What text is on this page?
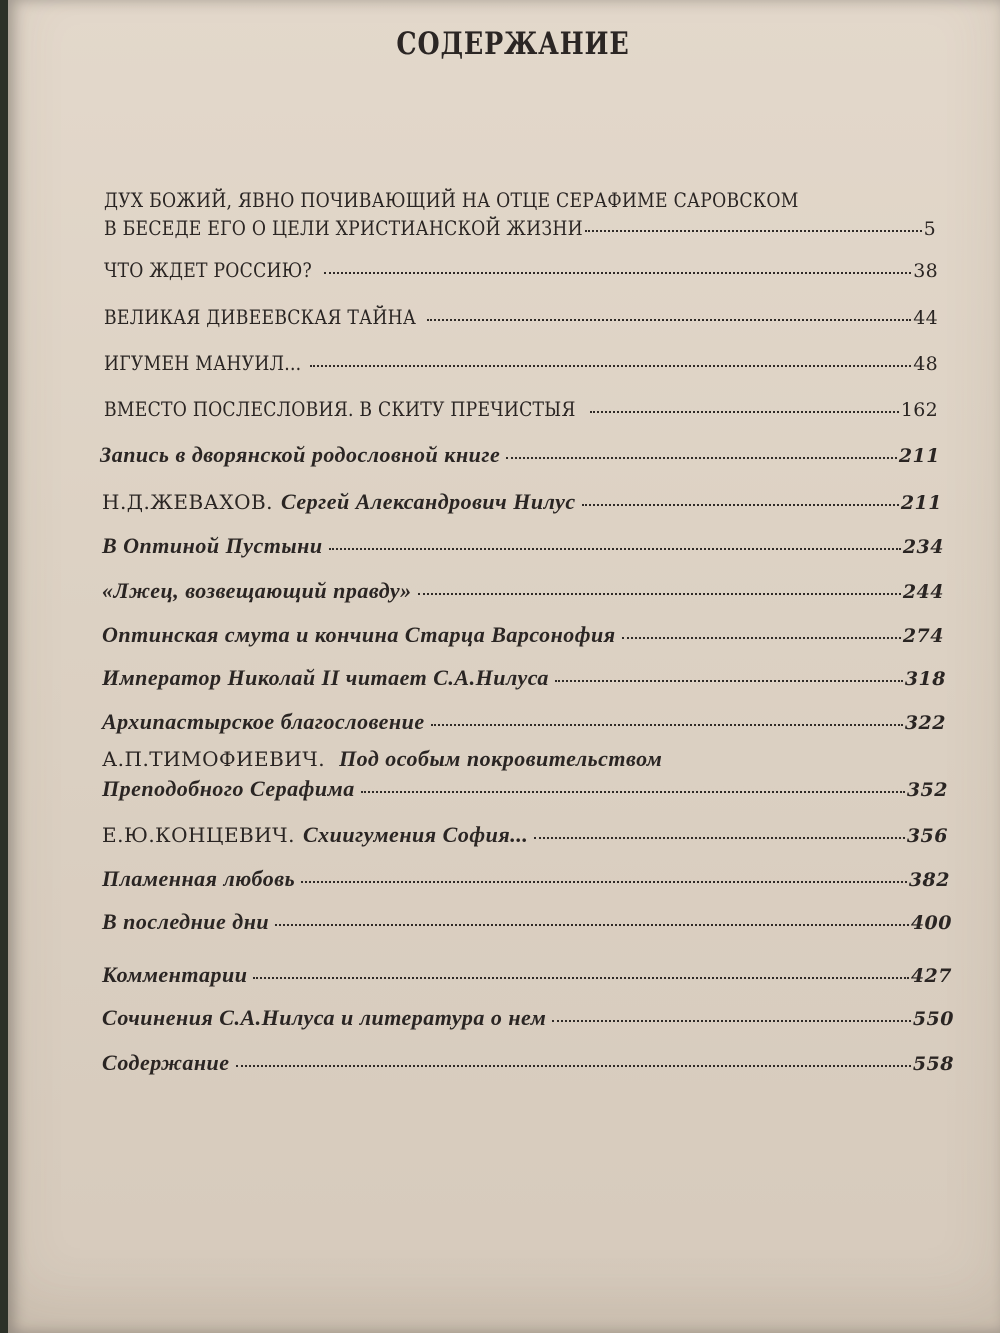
СОДЕРЖАНИЕ
ДУХ БОЖИЙ, ЯВНО ПОЧИВАЮЩИЙ НА ОТЦЕ СЕРАФИМЕ САРОВСКОМ
В БЕСЕДЕ ЕГО О ЦЕЛИ ХРИСТИАНСКОЙ ЖИЗНИ	5
ЧТО ЖДЕТ РОССИЮ?	38
ВЕЛИКАЯ ДИВЕЕВСКАЯ ТАЙНА	44
ИГУМЕН МАНУИЛ...	48
ВМЕСТО ПОСЛЕСЛОВИЯ. В СКИТУ ПРЕЧИСТЫЯ	162
Запись в дворянской родословной книге	211
Н.Д.ЖЕВАХОВ. Сергей Александрович Нилус	211
В Оптиной Пустыни	234
«Лжец, возвещающий правду»	244
Оптинская смута и кончина Старца Варсонофия	274
Император Николай II читает С.А.Нилуса	318
Архипастырское благословение	322
А.П.ТИМОФИЕВИЧ. Под особым покровительством
Преподобного Серафима	352
Е.Ю.КОНЦЕВИЧ. Схиигумения София...	356
Пламенная любовь	382
В последние дни	400
Комментарии	427
Сочинения С.А.Нилуса и литература о нем	550
Содержание	558
